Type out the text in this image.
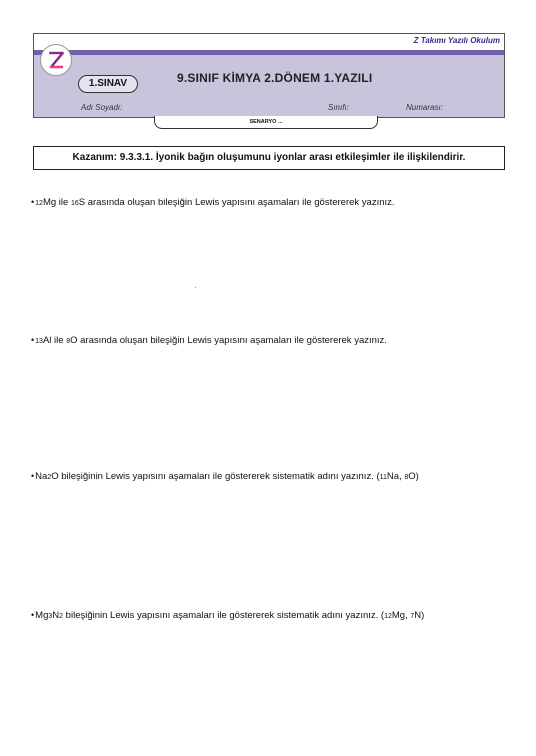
Z Takımı Yazılı Okulum
1.SINAV	9.SINIF KİMYA 2.DÖNEM 1.YAZILI
Adı Soyadı:	Sınıfı:	Numarası:
SENARYO ...
Kazanım: 9.3.3.1. İyonik bağın oluşumunu iyonlar arası etkileşimler ile ilişkilendirir.
•12Mg ile 16S arasında oluşan bileşiğin Lewis yapısını aşamaları ile göstererek yazınız.
•13Al ile 8O arasında oluşan bileşiğin Lewis yapısını aşamaları ile göstererek yazınız.
•Na2O bileşiğinin Lewis yapısını aşamaları ile göstererek sistematik adını yazınız. (11Na, 8O)
•Mg3N2 bileşiğinin Lewis yapısını aşamaları ile göstererek sistematik adını yazınız. (12Mg, 7N)
